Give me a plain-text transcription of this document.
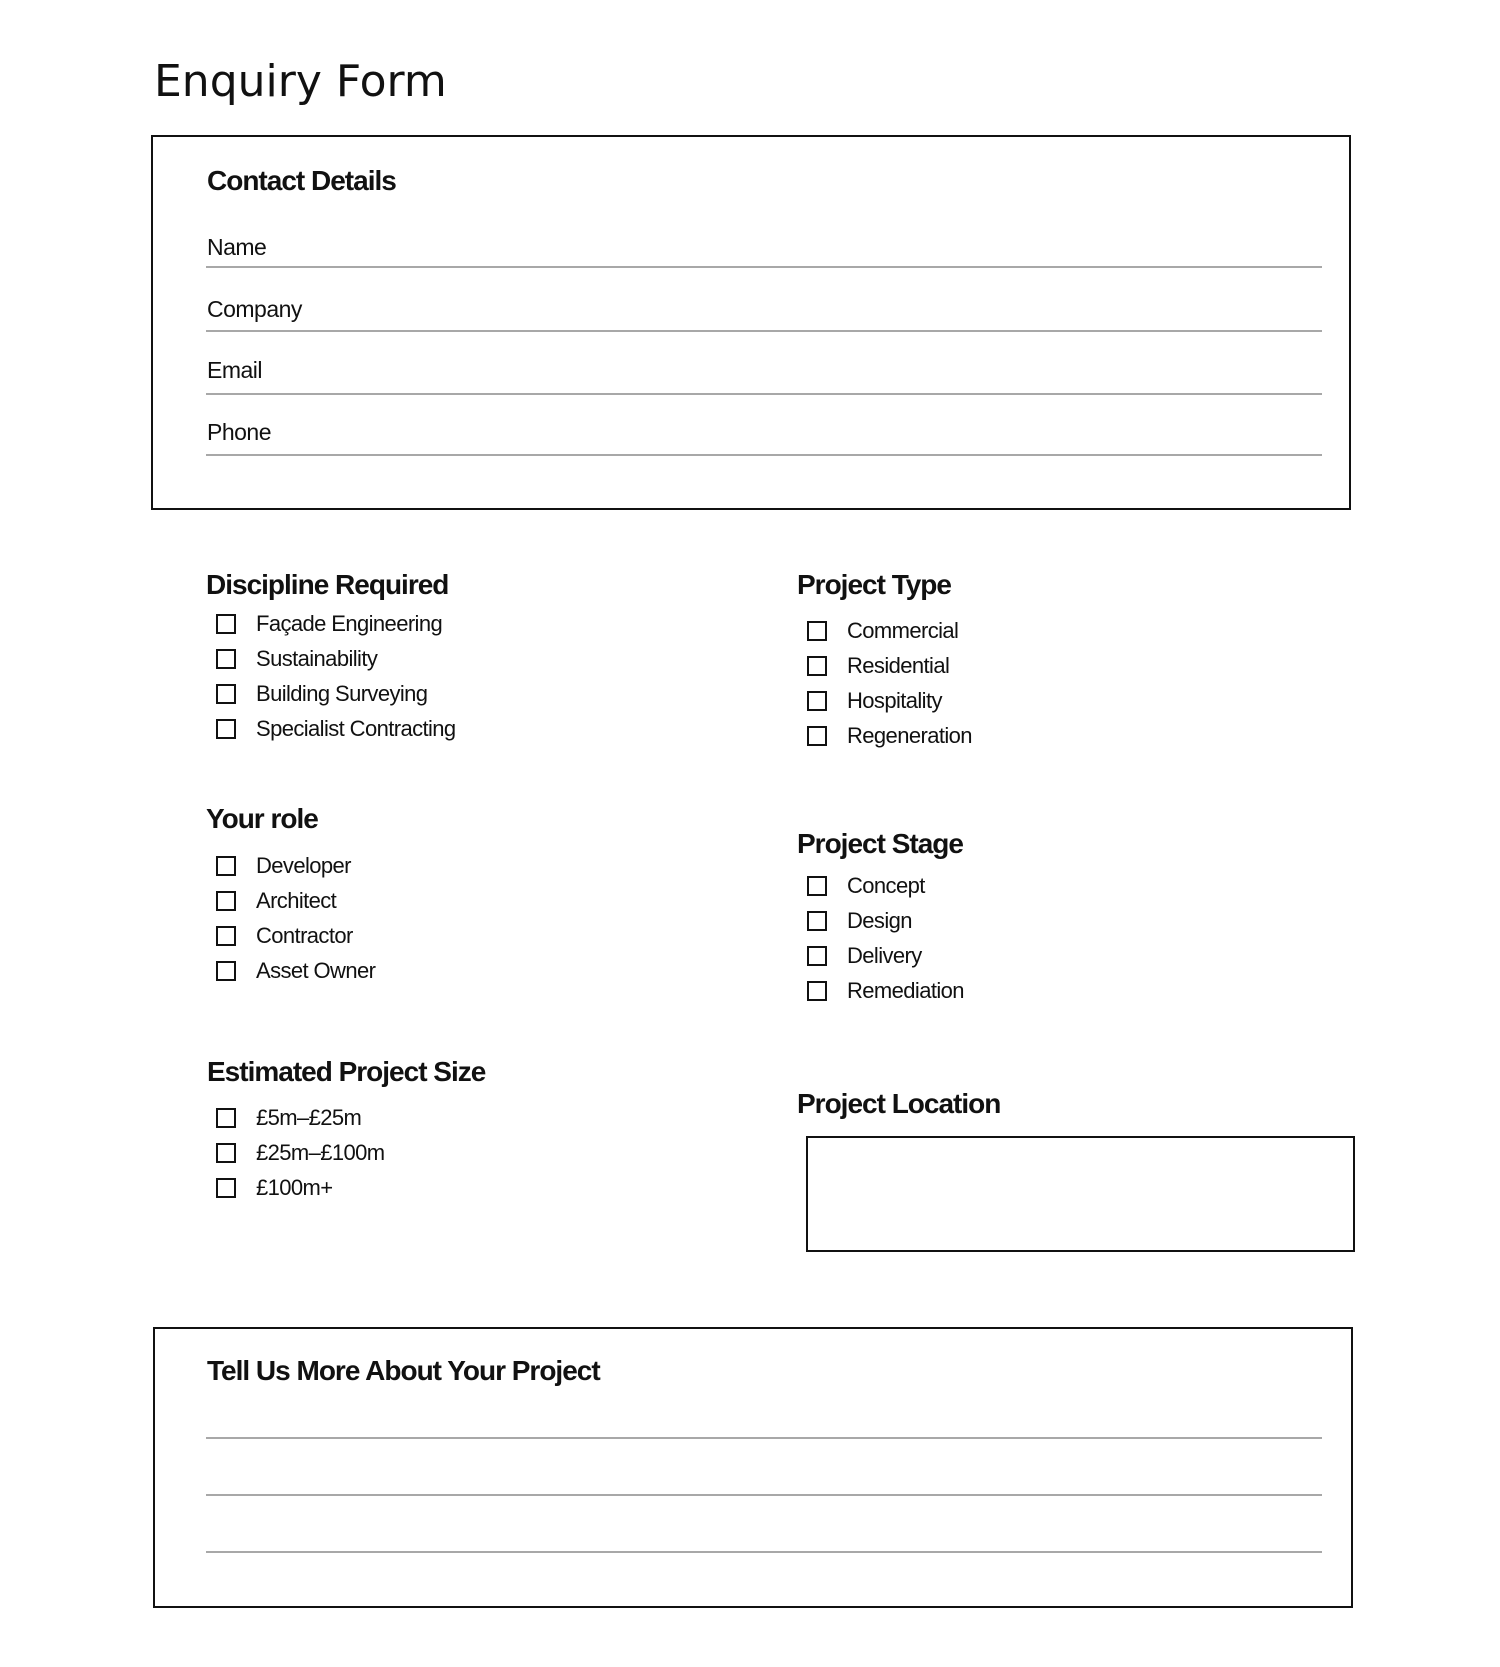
Enquiry Form
Contact Details
Name
Company
Email
Phone
Discipline Required
Façade Engineering
Sustainability
Building Surveying
Specialist Contracting
Project Type
Commercial
Residential
Hospitality
Regeneration
Your role
Developer
Architect
Contractor
Asset Owner
Project Stage
Concept
Design
Delivery
Remediation
Estimated Project Size
£5m–£25m
£25m–£100m
£100m+
Project Location
Tell Us More About Your Project
